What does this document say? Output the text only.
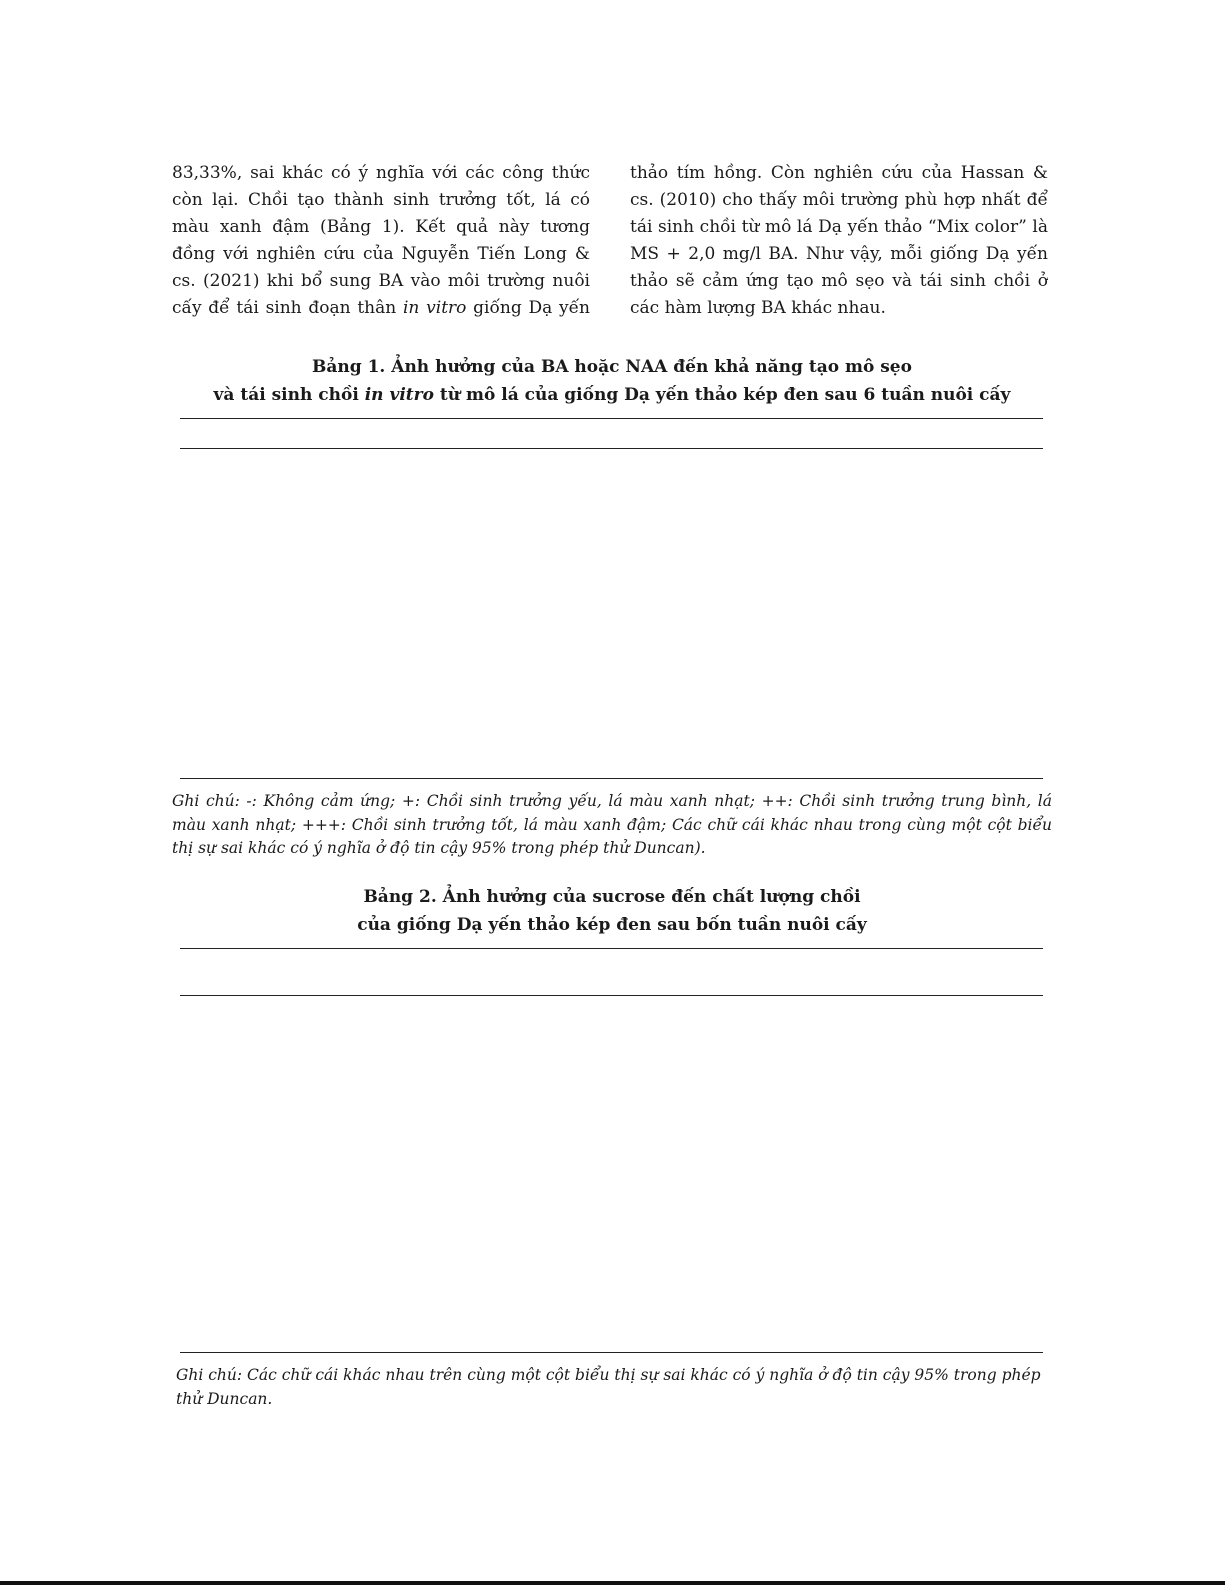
83,33%, sai khác có ý nghĩa với các công thức
còn lại. Chồi tạo thành sinh trưởng tốt, lá có
màu xanh đậm (Bảng 1). Kết quả này tương
đồng với nghiên cứu của Nguyễn Tiến Long &
cs. (2021) khi bổ sung BA vào môi trường nuôi
cấy để tái sinh đoạn thân in vitro giống Dạ yến
thảo tím hồng. Còn nghiên cứu của Hassan &
cs. (2010) cho thấy môi trường phù hợp nhất để
tái sinh chồi từ mô lá Dạ yến thảo “Mix color” là
MS + 2,0 mg/l BA. Như vậy, mỗi giống Dạ yến
thảo sẽ cảm ứng tạo mô sẹo và tái sinh chồi ở
các hàm lượng BA khác nhau.
Bảng 1. Ảnh hưởng của BA hoặc NAA đến khả năng tạo mô sẹo
và tái sinh chồi in vitro từ mô lá của giống Dạ yến thảo kép đen sau 6 tuần nuôi cấy
Ghi chú: -: Không cảm ứng; +: Chồi sinh trưởng yếu, lá màu xanh nhạt; ++: Chồi sinh trưởng trung bình, lá
màu xanh nhạt; +++: Chồi sinh trưởng tốt, lá màu xanh đậm; Các chữ cái khác nhau trong cùng một cột biểu
thị sự sai khác có ý nghĩa ở độ tin cậy 95% trong phép thử Duncan).
Bảng 2. Ảnh hưởng của sucrose đến chất lượng chồi
của giống Dạ yến thảo kép đen sau bốn tuần nuôi cấy
Ghi chú: Các chữ cái khác nhau trên cùng một cột biểu thị sự sai khác có ý nghĩa ở độ tin cậy 95% trong phép
thử Duncan.
